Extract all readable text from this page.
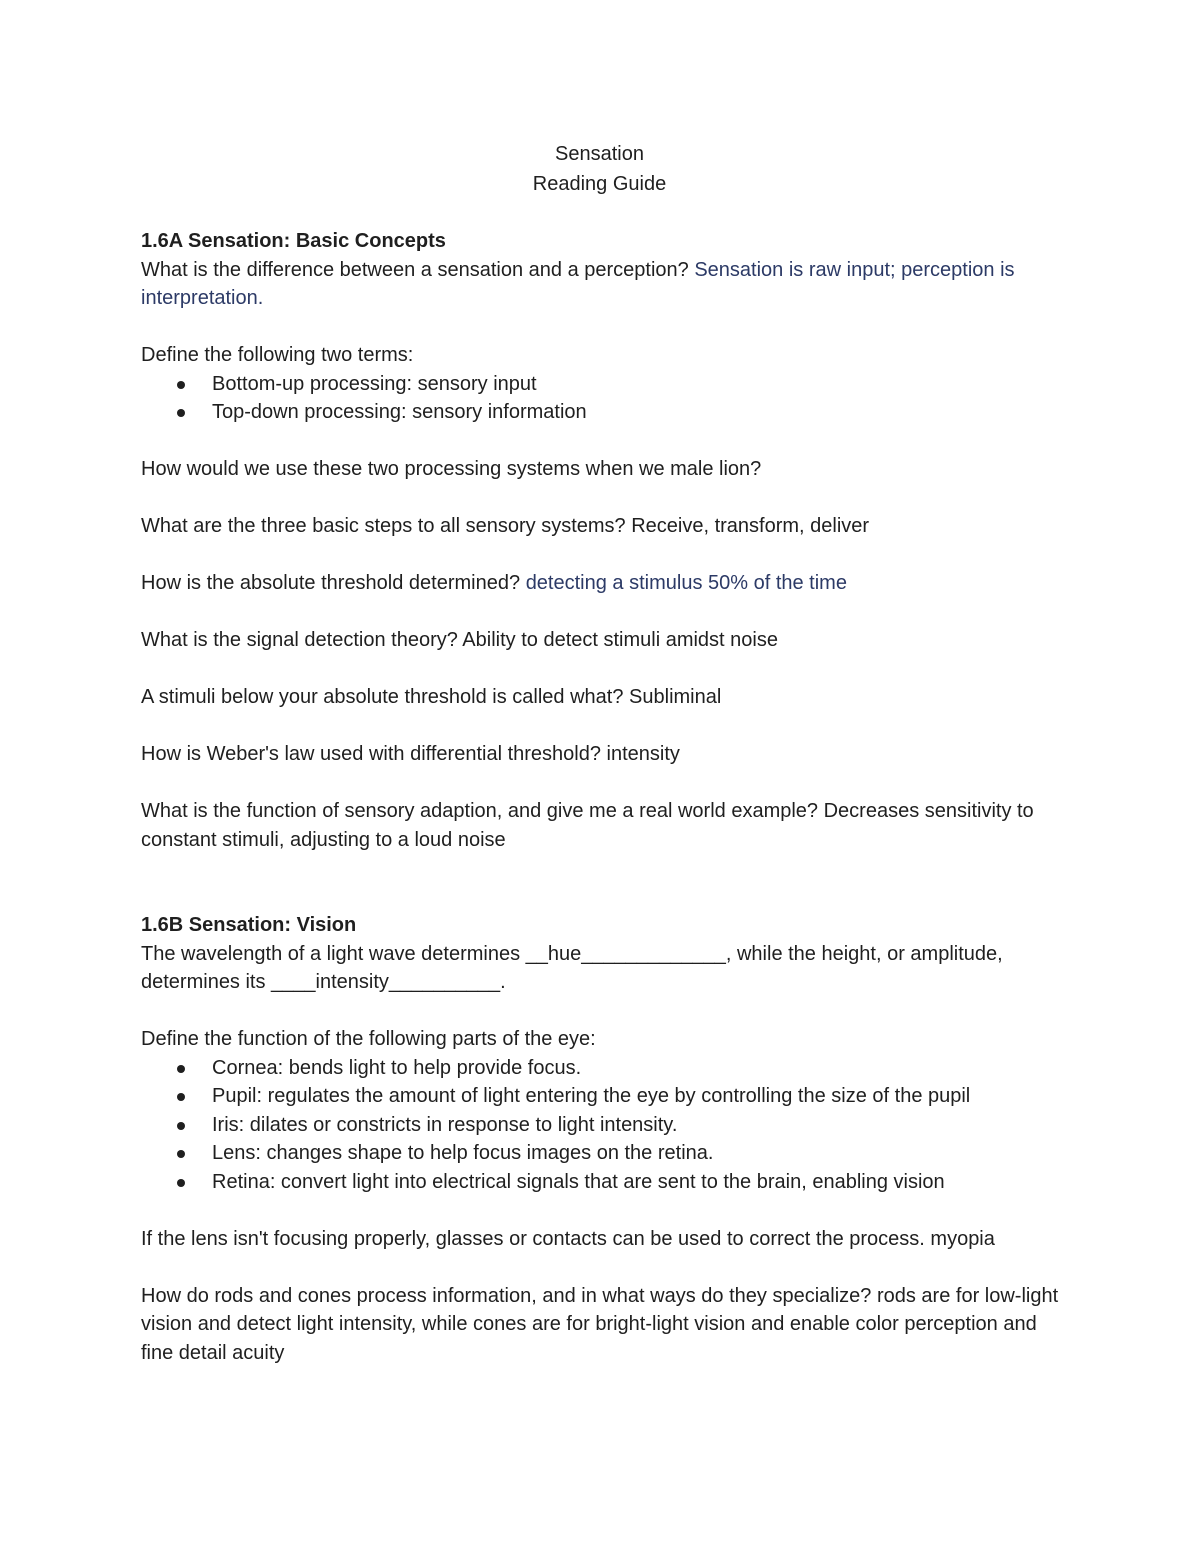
Sensation
Reading Guide
1.6A Sensation: Basic Concepts

What is the difference between a sensation and a perception? Sensation is raw input; perception is interpretation.

Define the following two terms:

Bottom-up processing: sensory input
Top-down processing: sensory information

How would we use these two processing systems when we male lion?

What are the three basic steps to all sensory systems? Receive, transform, deliver

How is the absolute threshold determined? detecting a stimulus 50% of the time

What is the signal detection theory? Ability to detect stimuli amidst noise

A stimuli below your absolute threshold is called what? Subliminal

How is Weber's law used with differential threshold? intensity

What is the function of sensory adaption, and give me a real world example? Decreases sensitivity to constant stimuli, adjusting to a loud noise

1.6B Sensation: Vision

The wavelength of a light wave determines __hue_____________, while the height, or amplitude, determines its ____intensity__________.

Define the function of the following parts of the eye:

Cornea: bends light to help provide focus.
Pupil: regulates the amount of light entering the eye by controlling the size of the pupil
Iris: dilates or constricts in response to light intensity.
Lens: changes shape to help focus images on the retina.
Retina: convert light into electrical signals that are sent to the brain, enabling vision

If the lens isn't focusing properly, glasses or contacts can be used to correct the process. myopia

How do rods and cones process information, and in what ways do they specialize? rods are for low-light vision and detect light intensity, while cones are for bright-light vision and enable color perception and fine detail acuity
